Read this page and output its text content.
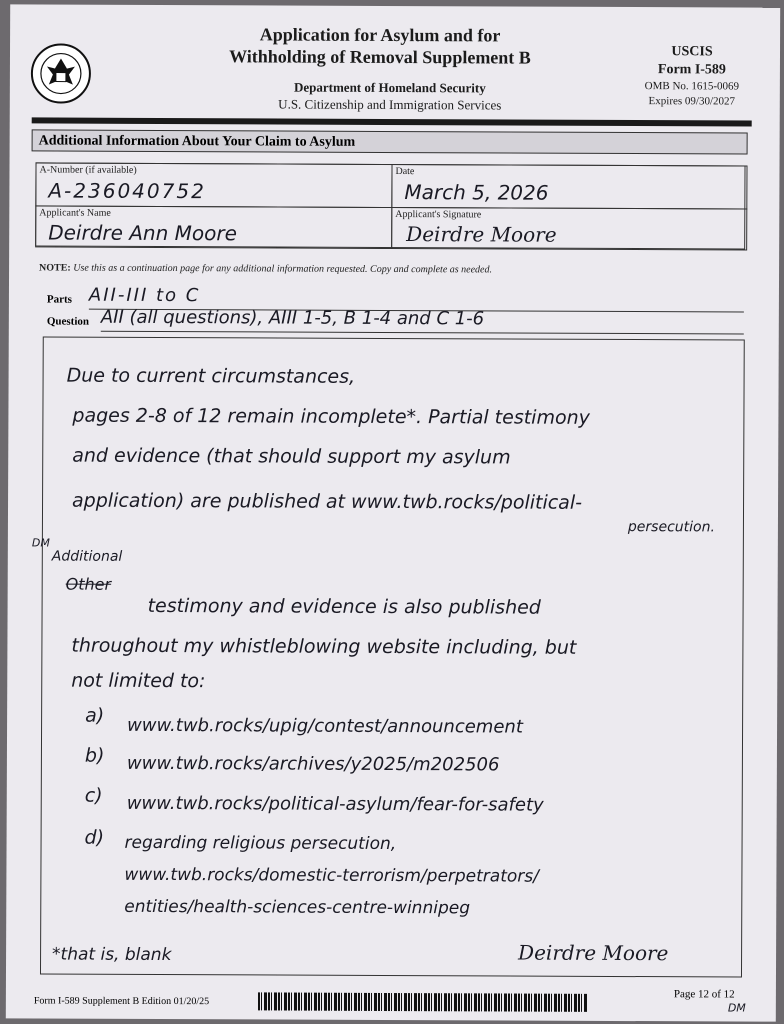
Application for Asylum and for
Withholding of Removal Supplement B
Department of Homeland Security
U.S. Citizenship and Immigration Services
USCIS
Form I-589
OMB No. 1615-0069
Expires 09/30/2027
Additional Information About Your Claim to Asylum
A-Number (if available)
A-236040752
Date
March 5, 2026
Applicant's Name
Deirdre Ann Moore
Applicant's Signature
Deirdre Moore
NOTE: Use this as a continuation page for any additional information requested. Copy and complete as needed.
Parts AII-III to C
Question AII (all questions), AIII 1-5, B 1-4 and C 1-6
Due to current circumstances,
pages 2-8 of 12 remain incomplete*. Partial testimony
and evidence (that should support my asylum
application) are published at www.twb.rocks/political-
persecution.
DM
Additional
Other
testimony and evidence is also published
throughout my whistleblowing website including, but
not limited to:
a) www.twb.rocks/upig/contest/announcement
b) www.twb.rocks/archives/y2025/m202506
c) www.twb.rocks/political-asylum/fear-for-safety
d) regarding religious persecution,
www.twb.rocks/domestic-terrorism/perpetrators/
entities/health-sciences-centre-winnipeg
*that is, blank	Deirdre Moore
Form I-589 Supplement B Edition 01/20/25
Page 12 of 12
DM
